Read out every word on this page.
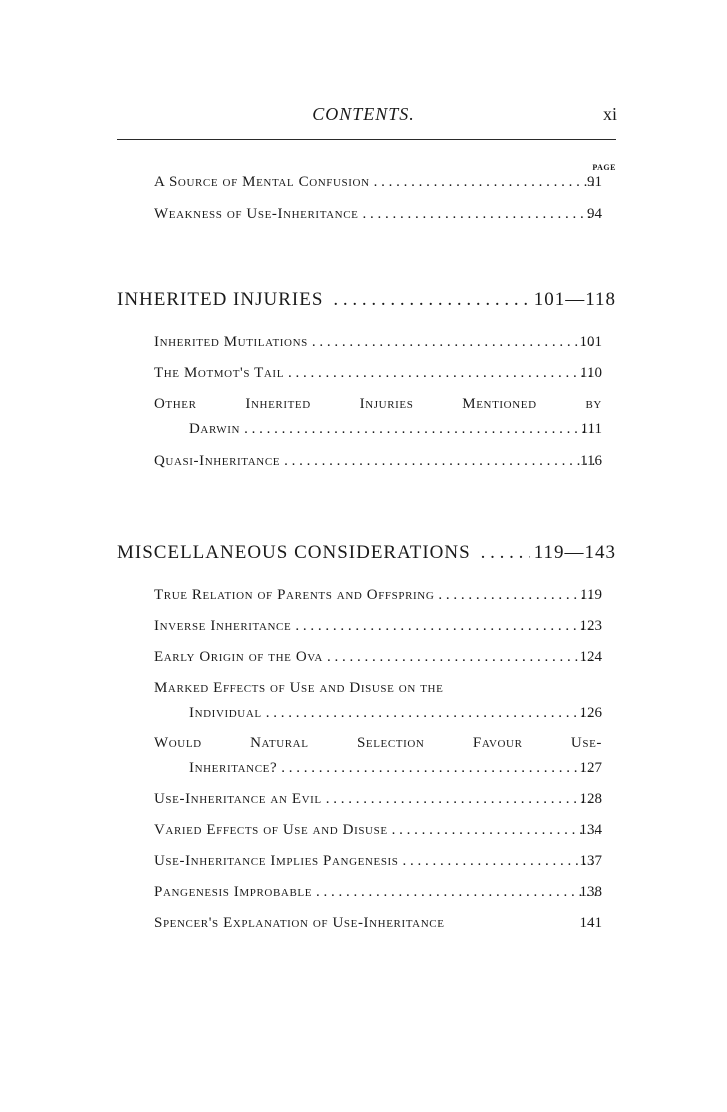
CONTENTS.	xi
PAGE
A Source of Mental Confusion . . .	91
Weakness of Use-Inheritance . . .	94
INHERITED INJURIES . . .	101—118
Inherited Mutilations . . .	101
The Motmot's Tail . . .	110
Other	Inherited	Injuries	Mentioned	by
Darwin . . .	111
Quasi-Inheritance . . .	116
MISCELLANEOUS CONSIDERATIONS . . .	119—143
True Relation of Parents and Offspring . . .	119
Inverse Inheritance . . .	123
Early Origin of the Ova . . .	124
Marked Effects of Use and Disuse on the
Individual . . .	126
Would	Natural	Selection	Favour	Use-
Inheritance? . . .	127
Use-Inheritance an Evil . . .	128
Varied Effects of Use and Disuse . . .	134
Use-Inheritance Implies Pangenesis . . .	137
Pangenesis Improbable . . .	138
Spencer's Explanation of Use-Inheritance	141
